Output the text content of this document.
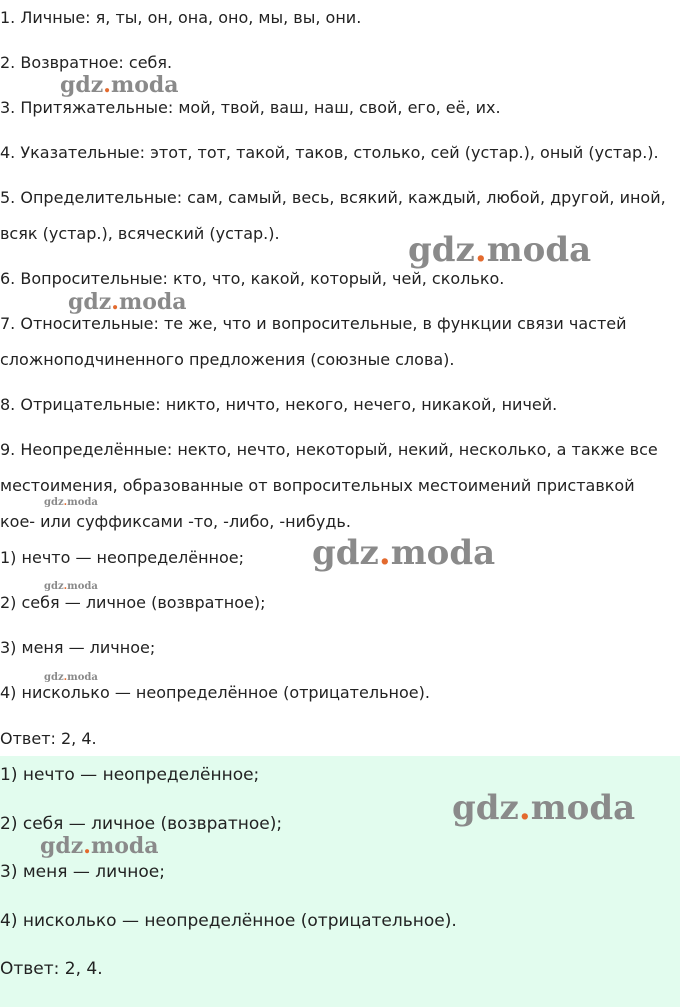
1. Личные: я, ты, он, она, оно, мы, вы, они.
2. Возвратное: себя.
3. Притяжательные: мой, твой, ваш, наш, свой, его, её, их.
4. Указательные: этот, тот, такой, таков, столько, сей (устар.), оный (устар.).
5. Определительные: сам, самый, весь, всякий, каждый, любой, другой, иной,
всяк (устар.), всяческий (устар.).
6. Вопросительные: кто, что, какой, который, чей, сколько.
7. Относительные: те же, что и вопросительные, в функции связи частей
сложноподчиненного предложения (союзные слова).
8. Отрицательные: никто, ничто, некого, нечего, никакой, ничей.
9. Неопределённые: некто, нечто, некоторый, некий, несколько, а также все
местоимения, образованные от вопросительных местоимений приставкой
кое- или суффиксами -то, -либо, -нибудь.
1) нечто — неопределённое;
2) себя — личное (возвратное);
3) меня — личное;
4) нисколько — неопределённое (отрицательное).
Ответ: 2, 4.
1) нечто — неопределённое;
2) себя — личное (возвратное);
3) меня — личное;
4) нисколько — неопределённое (отрицательное).
Ответ: 2, 4.
gdz.moda
gdz.moda
gdz.moda
gdz.moda
gdz.moda
gdz.moda
gdz.moda
gdz.moda
gdz.moda
